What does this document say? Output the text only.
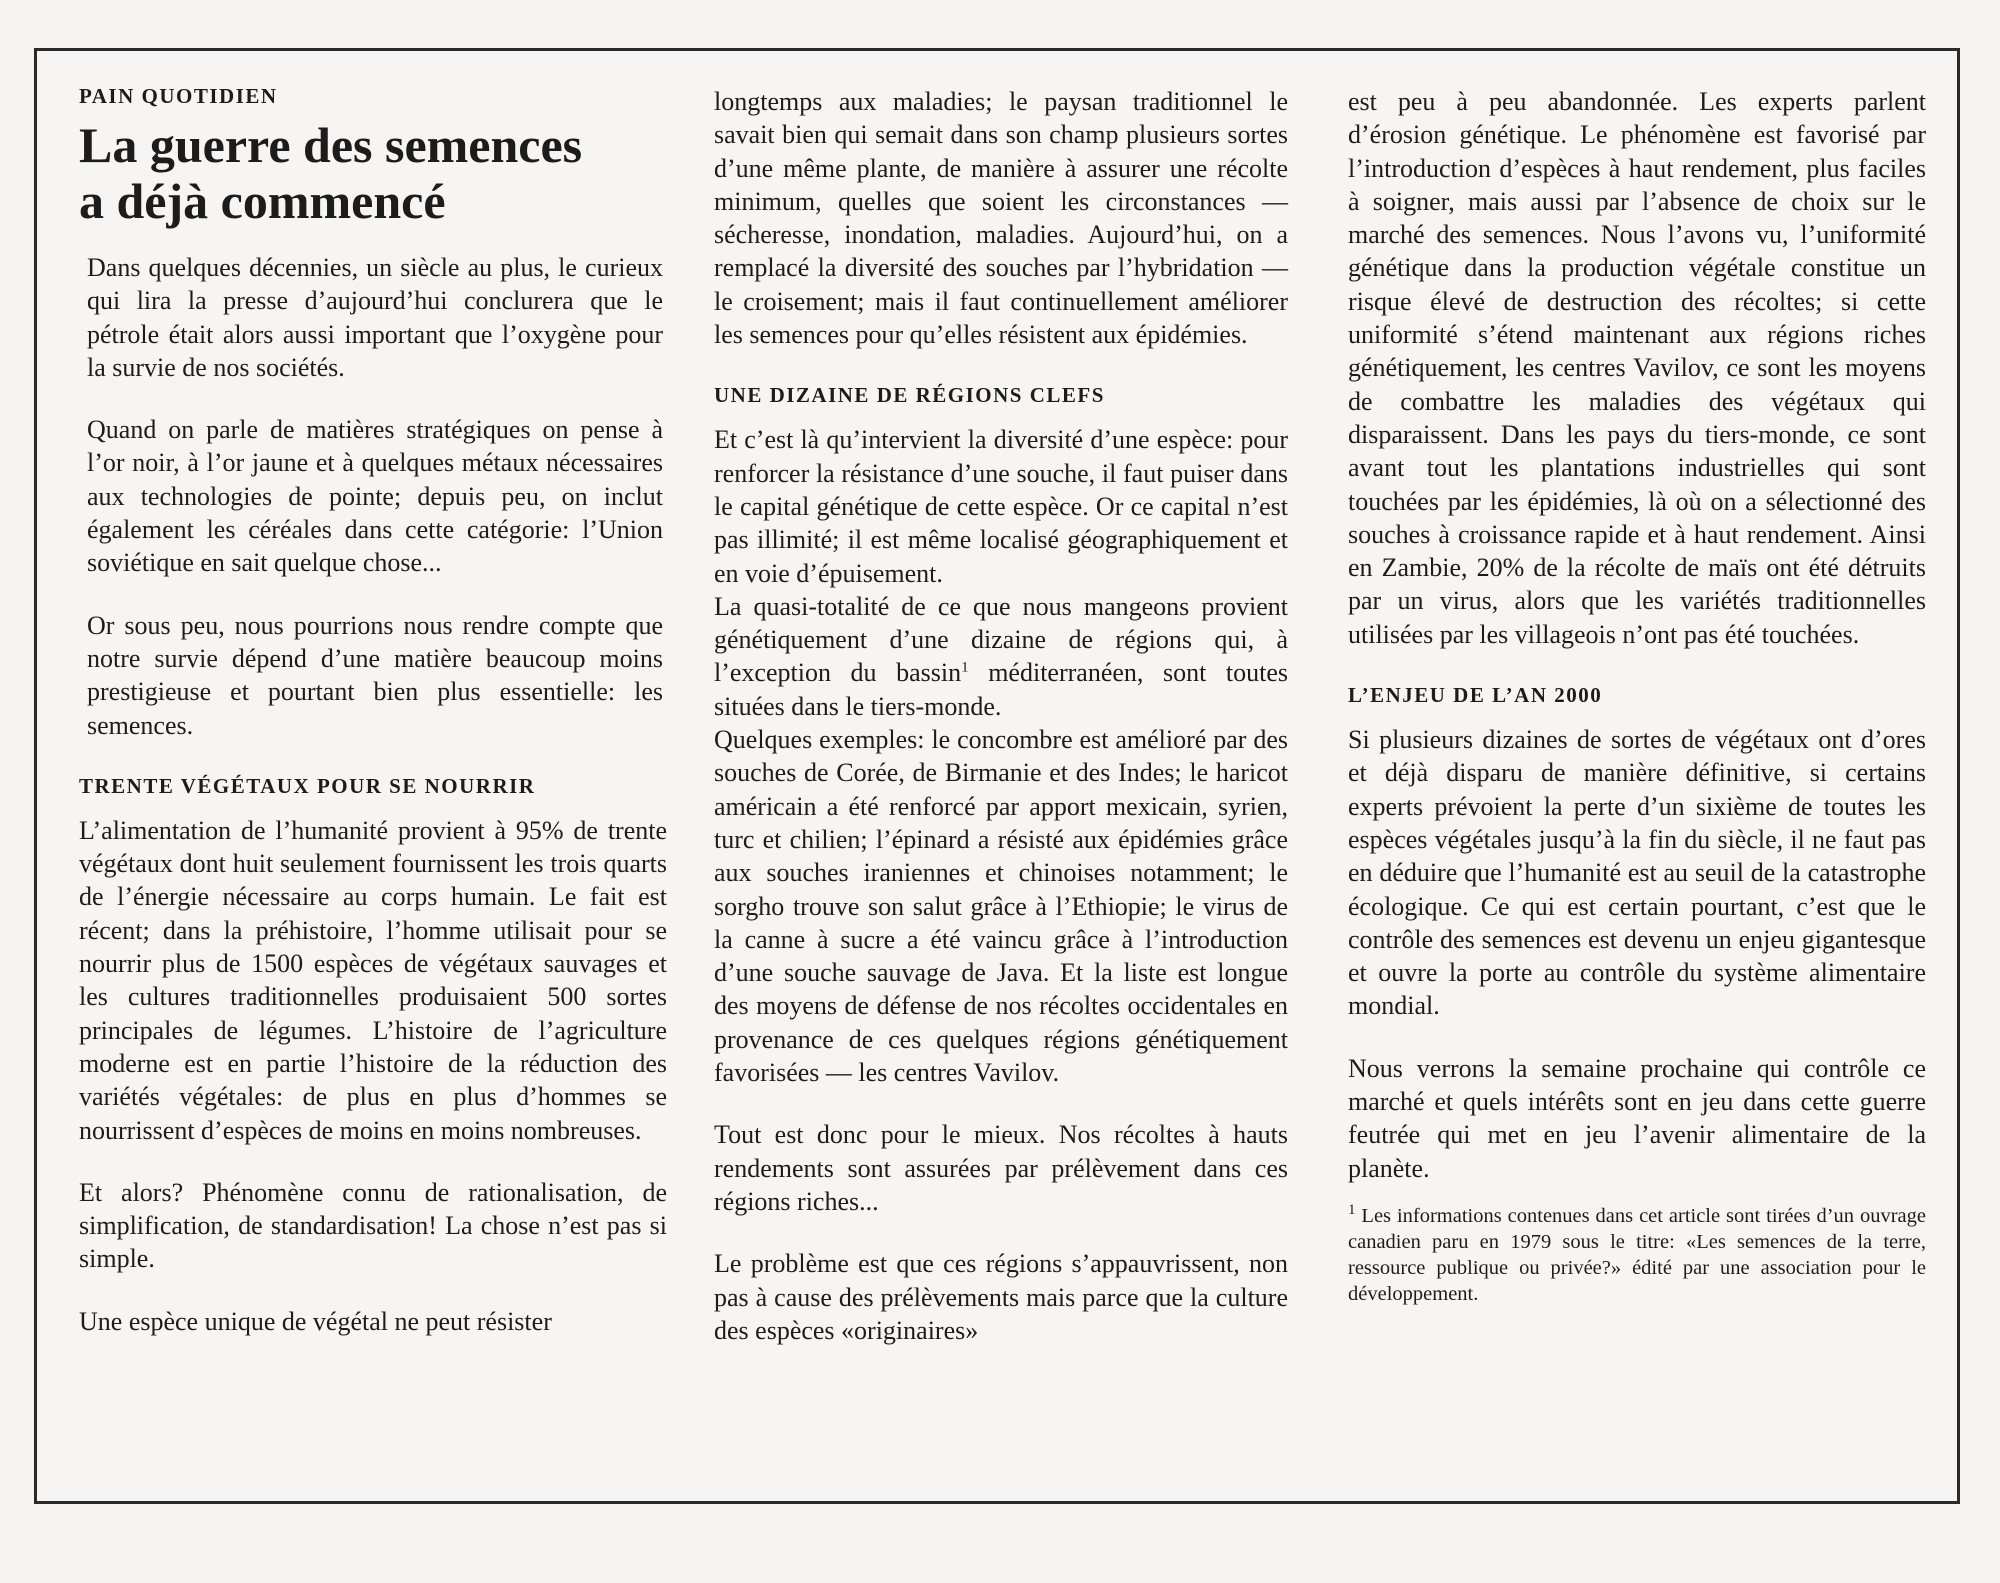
PAIN QUOTIDIEN
La guerre des semences
a déjà commencé

Dans quelques décennies, un siècle au plus, le curieux qui lira la presse d’aujourd’hui conclurera que le pétrole était alors aussi important que l’oxygène pour la survie de nos sociétés.

Quand on parle de matières stratégiques on pense à l’or noir, à l’or jaune et à quelques métaux nécessaires aux technologies de pointe; depuis peu, on inclut également les céréales dans cette catégorie: l’Union soviétique en sait quelque chose...

Or sous peu, nous pourrions nous rendre compte que notre survie dépend d’une matière beaucoup moins prestigieuse et pourtant bien plus essentielle: les semences.

TRENTE VÉGÉTAUX POUR SE NOURRIR

L’alimentation de l’humanité provient à 95% de trente végétaux dont huit seulement fournissent les trois quarts de l’énergie nécessaire au corps humain. Le fait est récent; dans la préhistoire, l’homme utilisait pour se nourrir plus de 1500 espèces de végétaux sauvages et les cultures traditionnelles produisaient 500 sortes principales de légumes. L’histoire de l’agriculture moderne est en partie l’histoire de la réduction des variétés végétales: de plus en plus d’hommes se nourrissent d’espèces de moins en moins nombreuses.

Et alors? Phénomène connu de rationalisation, de simplification, de standardisation! La chose n’est pas si simple.

Une espèce unique de végétal ne peut résister

longtemps aux maladies; le paysan traditionnel le savait bien qui semait dans son champ plusieurs sortes d’une même plante, de manière à assurer une récolte minimum, quelles que soient les circonstances — sécheresse, inondation, maladies. Aujourd’hui, on a remplacé la diversité des souches par l’hybridation — le croisement; mais il faut continuellement améliorer les semences pour qu’elles résistent aux épidémies.

UNE DIZAINE DE RÉGIONS CLEFS

Et c’est là qu’intervient la diversité d’une espèce: pour renforcer la résistance d’une souche, il faut puiser dans le capital génétique de cette espèce. Or ce capital n’est pas illimité; il est même localisé géographiquement et en voie d’épuisement.

La quasi-totalité de ce que nous mangeons provient génétiquement d’une dizaine de régions qui, à l’exception du bassin$^1$ méditerranéen, sont toutes situées dans le tiers-monde.

Quelques exemples: le concombre est amélioré par des souches de Corée, de Birmanie et des Indes; le haricot américain a été renforcé par apport mexicain, syrien, turc et chilien; l’épinard a résisté aux épidémies grâce aux souches iraniennes et chinoises notamment; le sorgho trouve son salut grâce à l’Ethiopie; le virus de la canne à sucre a été vaincu grâce à l’introduction d’une souche sauvage de Java. Et la liste est longue des moyens de défense de nos récoltes occidentales en provenance de ces quelques régions génétiquement favorisées — les centres Vavilov.

Tout est donc pour le mieux. Nos récoltes à hauts rendements sont assurées par prélèvement dans ces régions riches...

Le problème est que ces régions s’appauvrissent, non pas à cause des prélèvements mais parce que la culture des espèces «originaires»

est peu à peu abandonnée. Les experts parlent d’érosion génétique. Le phénomène est favorisé par l’introduction d’espèces à haut rendement, plus faciles à soigner, mais aussi par l’absence de choix sur le marché des semences. Nous l’avons vu, l’uniformité génétique dans la production végétale constitue un risque élevé de destruction des récoltes; si cette uniformité s’étend maintenant aux régions riches génétiquement, les centres Vavilov, ce sont les moyens de combattre les maladies des végétaux qui disparaissent. Dans les pays du tiers-monde, ce sont avant tout les plantations industrielles qui sont touchées par les épidémies, là où on a sélectionné des souches à croissance rapide et à haut rendement. Ainsi en Zambie, 20% de la récolte de maïs ont été détruits par un virus, alors que les variétés traditionnelles utilisées par les villageois n’ont pas été touchées.

L’ENJEU DE L’AN 2000

Si plusieurs dizaines de sortes de végétaux ont d’ores et déjà disparu de manière définitive, si certains experts prévoient la perte d’un sixième de toutes les espèces végétales jusqu’à la fin du siècle, il ne faut pas en déduire que l’humanité est au seuil de la catastrophe écologique. Ce qui est certain pourtant, c’est que le contrôle des semences est devenu un enjeu gigantesque et ouvre la porte au contrôle du système alimentaire mondial.

Nous verrons la semaine prochaine qui contrôle ce marché et quels intérêts sont en jeu dans cette guerre feutrée qui met en jeu l’avenir alimentaire de la planète.

$^1$ Les informations contenues dans cet article sont tirées d’un ouvrage canadien paru en 1979 sous le titre: «Les semences de la terre, ressource publique ou privée?» édité par une association pour le développement.
